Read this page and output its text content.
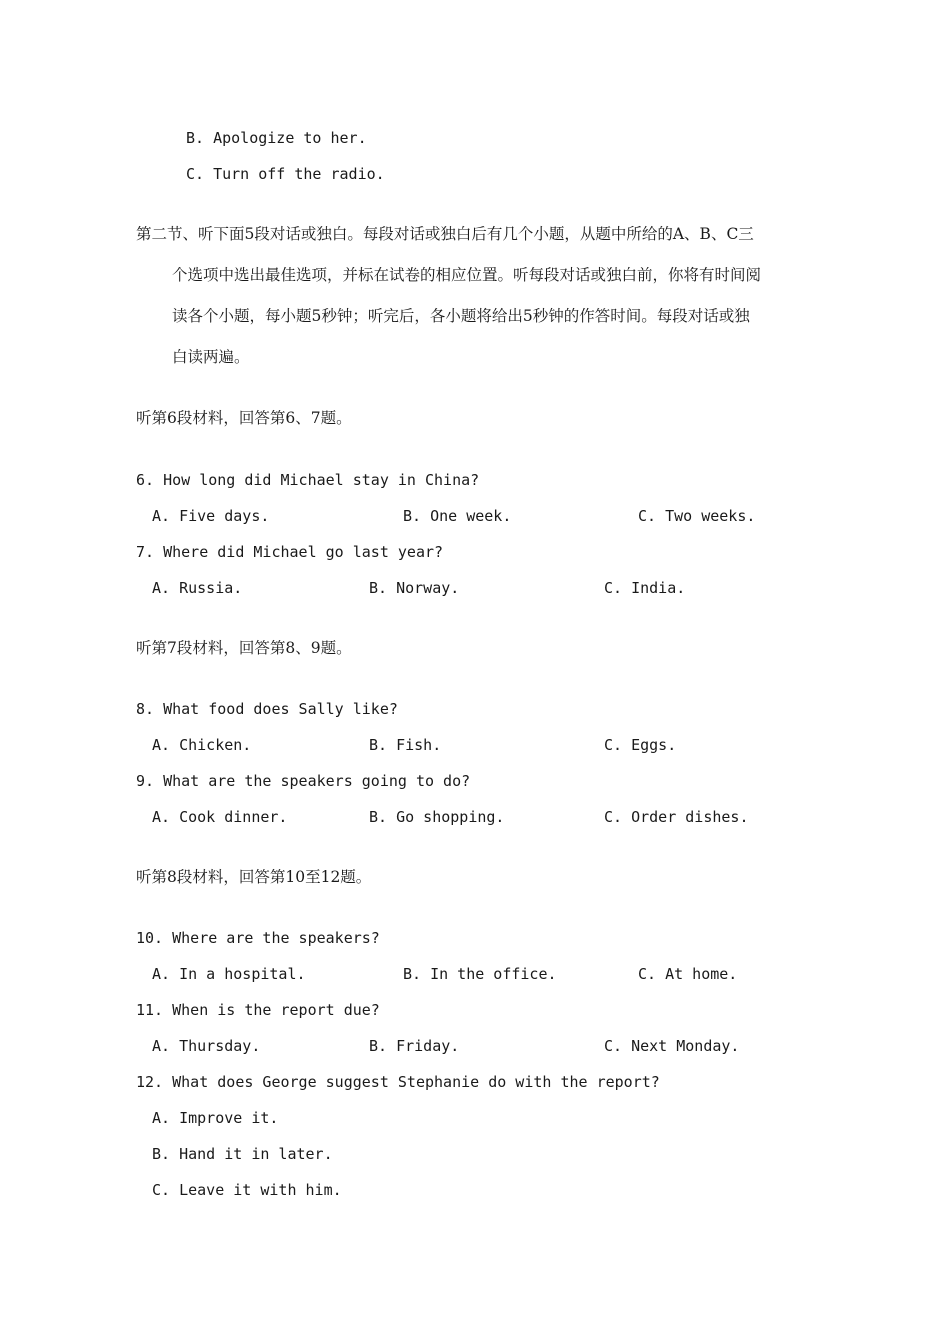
B. Apologize to her.
C. Turn off the radio.
第二节、听下面5段对话或独白。每段对话或独白后有几个小题，从题中所给的A、B、C三
个选项中选出最佳选项，并标在试卷的相应位置。听每段对话或独白前，你将有时间阅
读各个小题，每小题5秒钟；听完后，各小题将给出5秒钟的作答时间。每段对话或独
白读两遍。
听第6段材料，回答第6、7题。
6. How long did Michael stay in China?
A. Five days.	B. One week.	C. Two weeks.
7. Where did Michael go last year?
A. Russia.	B. Norway.	C. India.
听第7段材料，回答第8、9题。
8. What food does Sally like?
A. Chicken.	B. Fish.	C. Eggs.
9. What are the speakers going to do?
A. Cook dinner.	B. Go shopping.	C. Order dishes.
听第8段材料，回答第10至12题。
10. Where are the speakers?
A. In a hospital.	B. In the office.	C. At home.
11. When is the report due?
A. Thursday.	B. Friday.	C. Next Monday.
12. What does George suggest Stephanie do with the report?
A. Improve it.
B. Hand it in later.
C. Leave it with him.
